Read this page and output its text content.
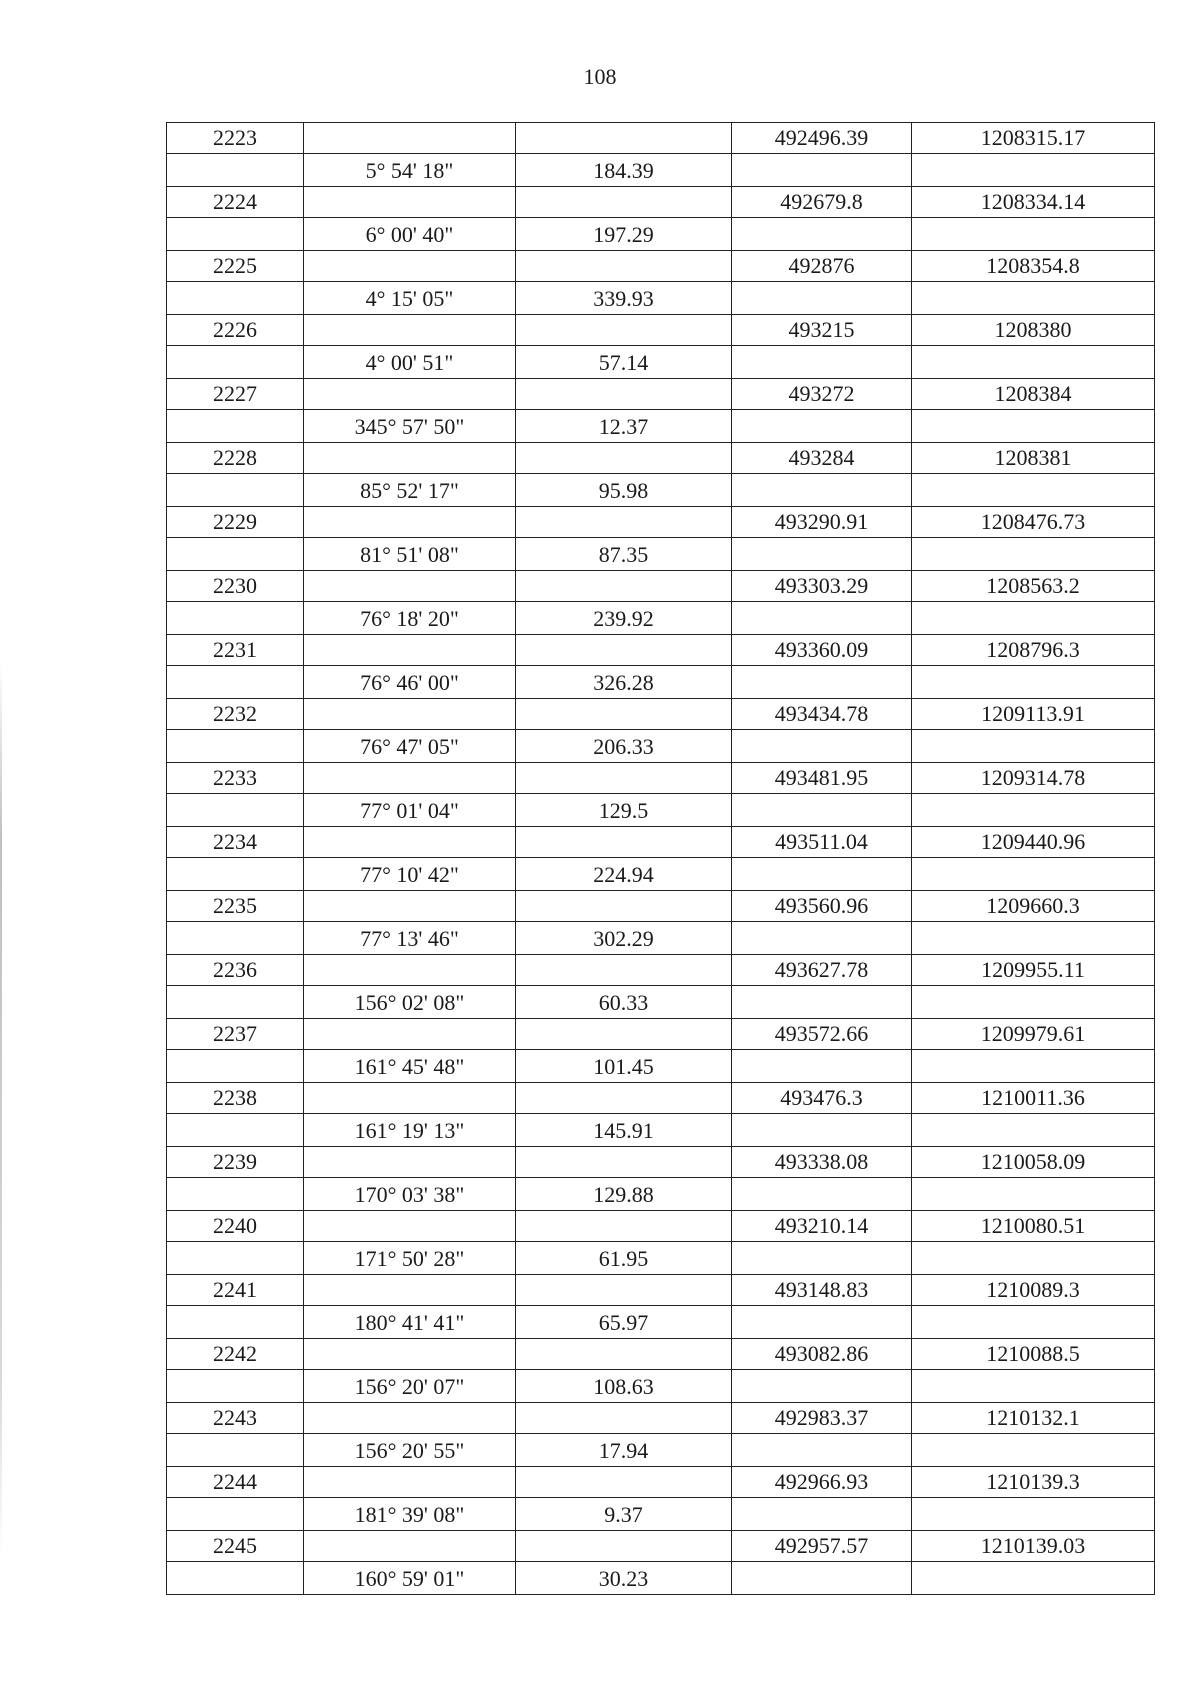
108
2223			492496.39	1208315.17
	5° 54' 18"	184.39		
2224			492679.8	1208334.14
	6° 00' 40"	197.29		
2225			492876	1208354.8
	4° 15' 05"	339.93		
2226			493215	1208380
	4° 00' 51"	57.14		
2227			493272	1208384
	345° 57' 50"	12.37		
2228			493284	1208381
	85° 52' 17"	95.98		
2229			493290.91	1208476.73
	81° 51' 08"	87.35		
2230			493303.29	1208563.2
	76° 18' 20"	239.92		
2231			493360.09	1208796.3
	76° 46' 00"	326.28		
2232			493434.78	1209113.91
	76° 47' 05"	206.33		
2233			493481.95	1209314.78
	77° 01' 04"	129.5		
2234			493511.04	1209440.96
	77° 10' 42"	224.94		
2235			493560.96	1209660.3
	77° 13' 46"	302.29		
2236			493627.78	1209955.11
	156° 02' 08"	60.33		
2237			493572.66	1209979.61
	161° 45' 48"	101.45		
2238			493476.3	1210011.36
	161° 19' 13"	145.91		
2239			493338.08	1210058.09
	170° 03' 38"	129.88		
2240			493210.14	1210080.51
	171° 50' 28"	61.95		
2241			493148.83	1210089.3
	180° 41' 41"	65.97		
2242			493082.86	1210088.5
	156° 20' 07"	108.63		
2243			492983.37	1210132.1
	156° 20' 55"	17.94		
2244			492966.93	1210139.3
	181° 39' 08"	9.37		
2245			492957.57	1210139.03
	160° 59' 01"	30.23		
